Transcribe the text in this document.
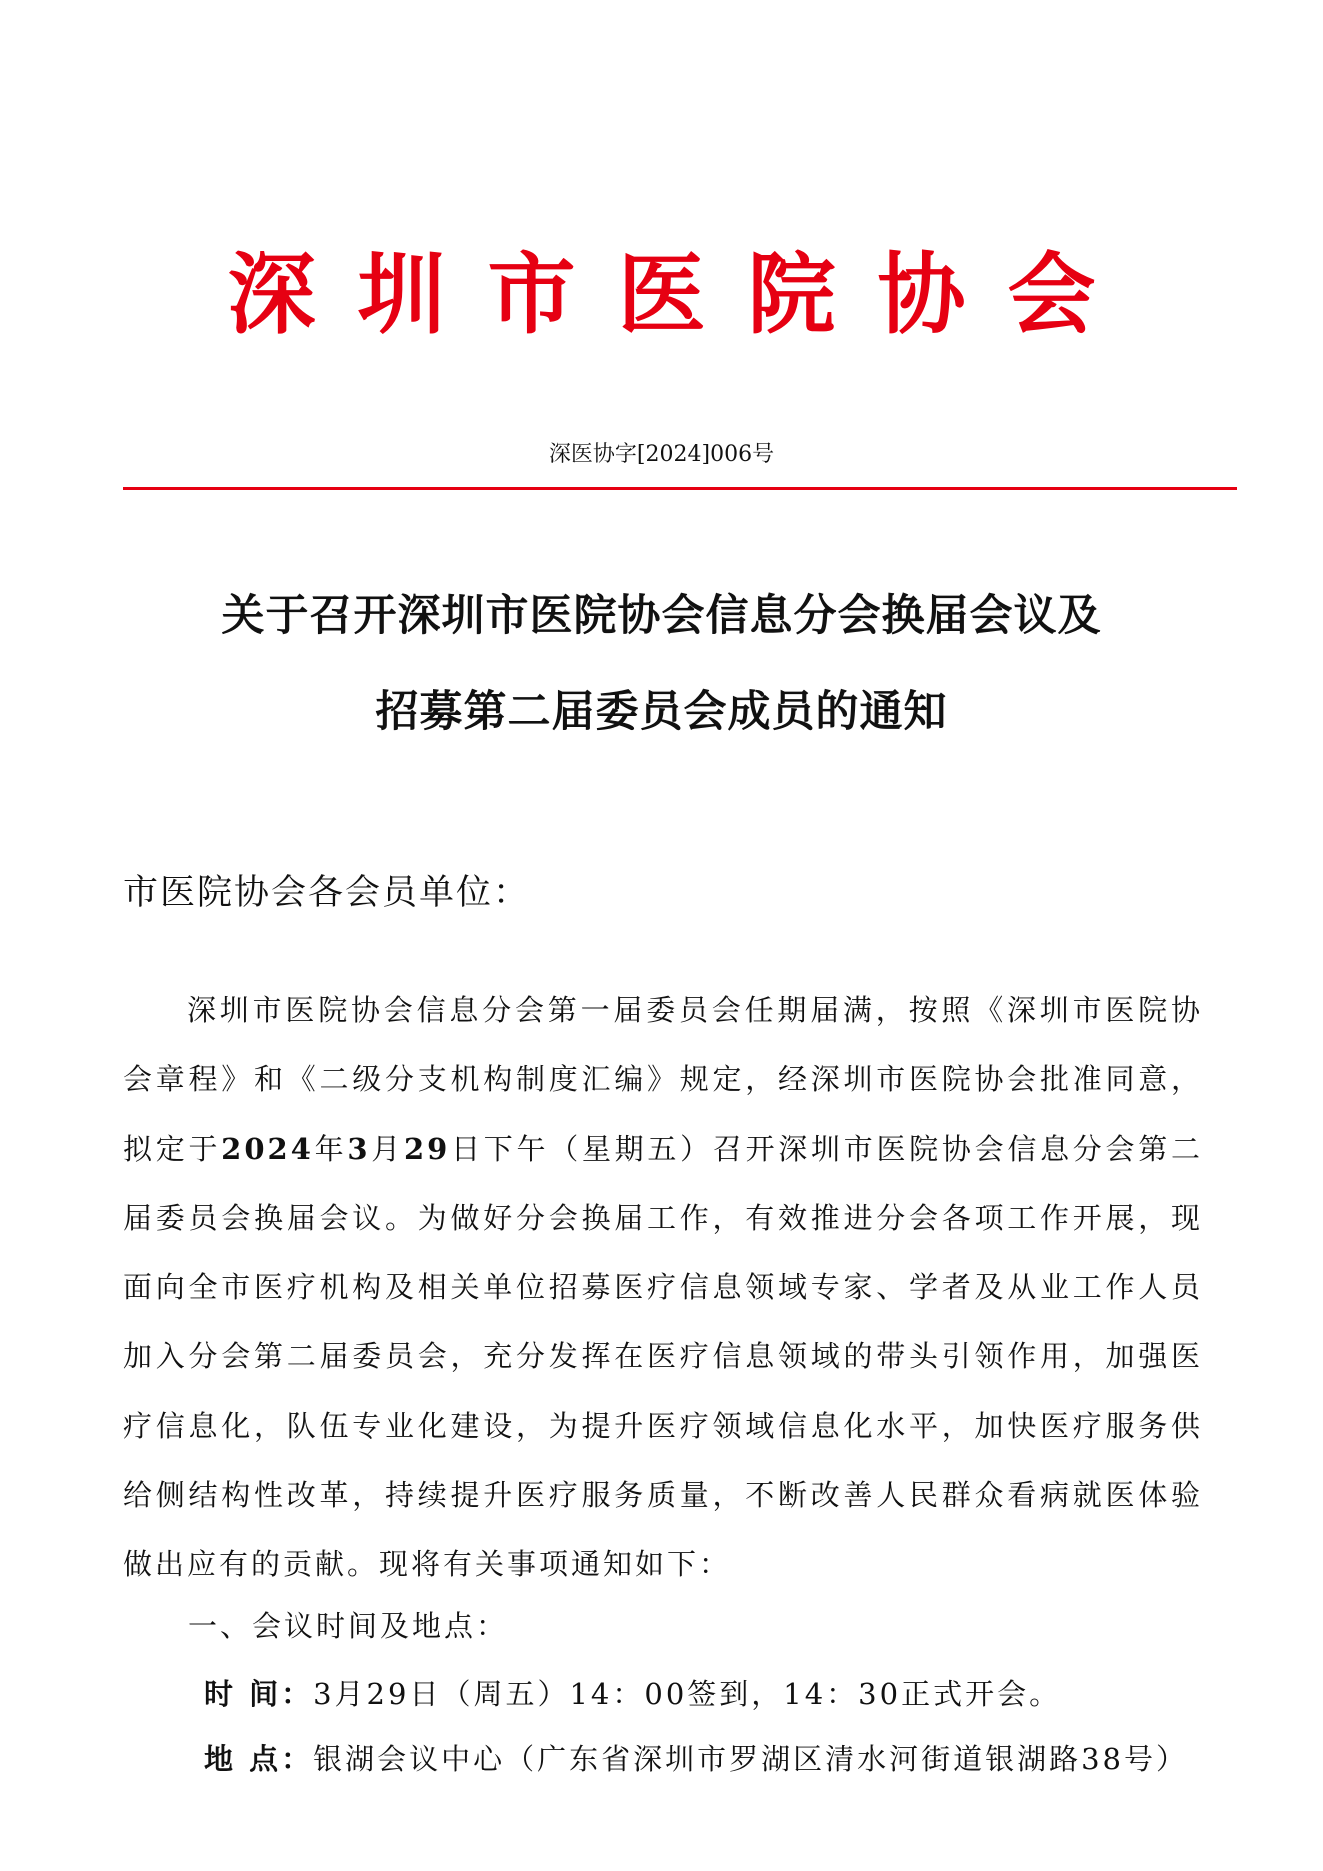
深圳市医院协会
深医协字[2024]006号
关于召开深圳市医院协会信息分会换届会议及
招募第二届委员会成员的通知
市医院协会各会员单位：

深圳市医院协会信息分会第一届委员会任期届满，按照《深圳市医院协会章程》和《二级分支机构制度汇编》规定，经深圳市医院协会批准同意，拟定于2024年3月29日下午（星期五）召开深圳市医院协会信息分会第二届委员会换届会议。为做好分会换届工作，有效推进分会各项工作开展，现面向全市医疗机构及相关单位招募医疗信息领域专家、学者及从业工作人员加入分会第二届委员会，充分发挥在医疗信息领域的带头引领作用，加强医疗信息化，队伍专业化建设，为提升医疗领域信息化水平，加快医疗服务供给侧结构性改革，持续提升医疗服务质量，不断改善人民群众看病就医体验做出应有的贡献。现将有关事项通知如下：

一、会议时间及地点：
时 间：3月29日（周五）14：00签到，14：30正式开会。
地 点：银湖会议中心（广东省深圳市罗湖区清水河街道银湖路38号）
